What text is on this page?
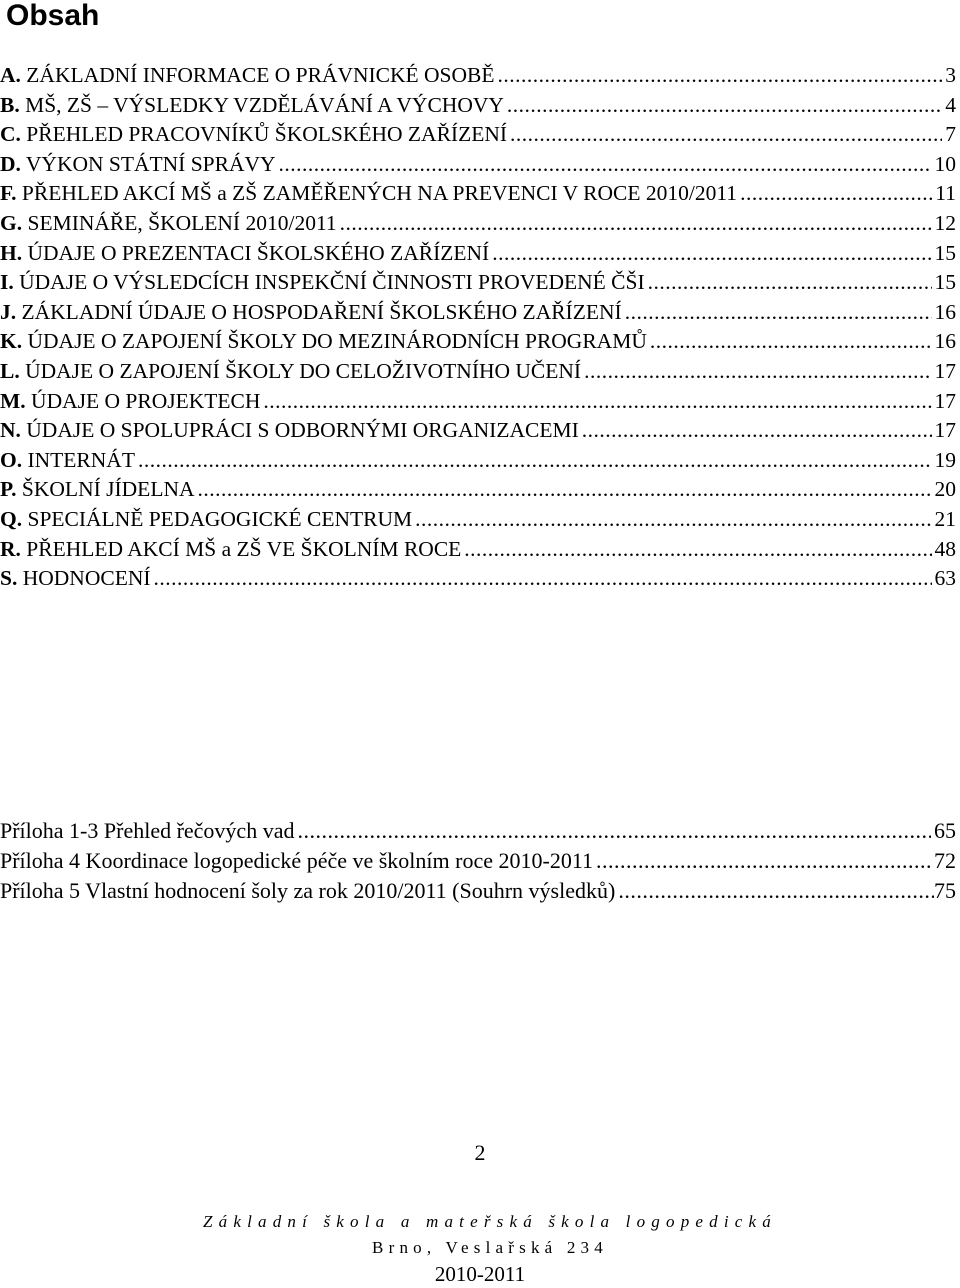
Obsah
A. ZÁKLADNÍ INFORMACE O PRÁVNICKÉ OSOBĚ .....	3
B. MŠ, ZŠ – VÝSLEDKY VZDĚLÁVÁNÍ A VÝCHOVY .....	4
C. PŘEHLED PRACOVNÍKŮ ŠKOLSKÉHO ZAŘÍZENÍ .....	7
D. VÝKON STÁTNÍ SPRÁVY .....	10
F. PŘEHLED AKCÍ MŠ a ZŠ ZAMĚŘENÝCH NA PREVENCI V ROCE 2010/2011 .....	11
G. SEMINÁŘE, ŠKOLENÍ 2010/2011 .....	12
H. ÚDAJE O PREZENTACI ŠKOLSKÉHO ZAŘÍZENÍ .....	15
I. ÚDAJE O VÝSLEDCÍCH INSPEKČNÍ ČINNOSTI PROVEDENÉ ČŠI .....	15
J. ZÁKLADNÍ ÚDAJE O HOSPODAŘENÍ ŠKOLSKÉHO ZAŘÍZENÍ .....	16
K. ÚDAJE O ZAPOJENÍ ŠKOLY DO MEZINÁRODNÍCH PROGRAMŮ .....	16
L. ÚDAJE O ZAPOJENÍ ŠKOLY DO CELOŽIVOTNÍHO UČENÍ .....	17
M. ÚDAJE O PROJEKTECH .....	17
N. ÚDAJE O SPOLUPRÁCI S ODBORNÝMI ORGANIZACEMI .....	17
O. INTERNÁT .....	19
P. ŠKOLNÍ JÍDELNA .....	20
Q. SPECIÁLNĚ PEDAGOGICKÉ CENTRUM .....	21
R. PŘEHLED AKCÍ MŠ a ZŠ VE ŠKOLNÍM ROCE .....	48
S. HODNOCENÍ .....	63
Příloha 1-3 Přehled řečových vad .....	65
Příloha 4 Koordinace logopedické péče ve školním roce 2010-2011 .....	72
Příloha 5 Vlastní hodnocení šoly za rok 2010/2011 (Souhrn výsledků) .....	75
2
Základní škola a mateřská škola logopedická
Brno, Veslařská 234
2010-2011
